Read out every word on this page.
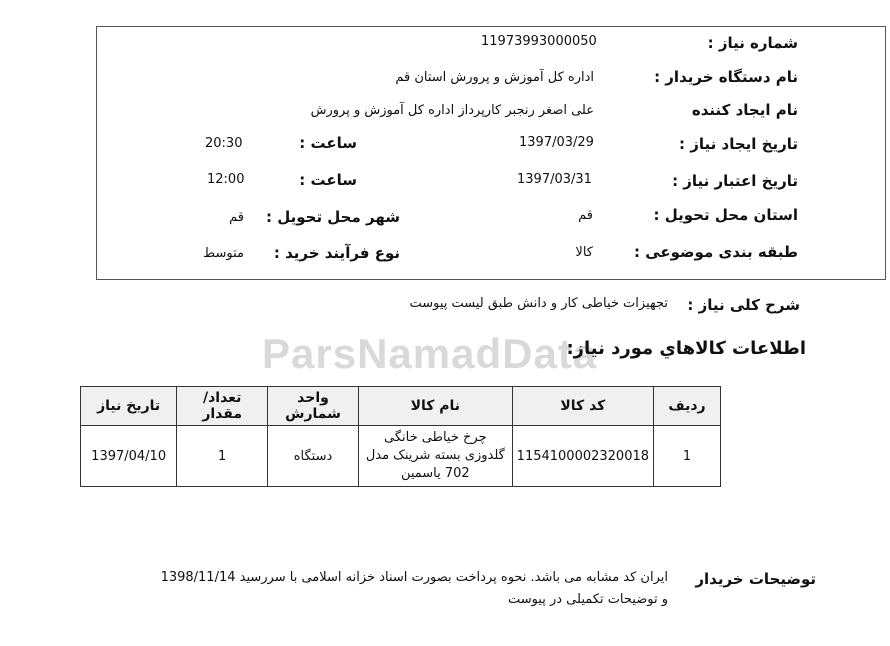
ParsNamadData
شماره نیاز :
11973993000050
نام دستگاه خریدار :
اداره کل آموزش و پرورش استان قم
نام ایجاد کننده
علی اصغر رنجبر کارپرداز اداره کل آموزش و پرورش
تاریخ ایجاد نیاز :
1397/03/29
ساعت :
20:30
تاریخ اعتبار نیاز :
1397/03/31
ساعت :
12:00
استان محل تحویل :
قم
شهر محل تحویل :
قم
طبقه بندی موضوعی :
کالا
نوع فرآیند خرید :
متوسط
شرح کلی نیاز :
تجهیزات خیاطی کار و دانش طبق لیست پیوست
اطلاعات کالاهاي مورد نیاز:
ردیف	کد کالا	نام کالا	واحد شمارش	تعداد/ مقدار	تاریخ نیاز
1	1154100002320018	چرخ خیاطی خانگی گلدوزی بسته شرینک مدل 702 یاسمین	دستگاه	1	1397/04/10
توضیحات خریدار
ایران کد مشابه می باشد. نحوه پرداخت بصورت اسناد خزانه اسلامی با سررسید 1398/11/14
و توضیحات تکمیلی در پیوست
